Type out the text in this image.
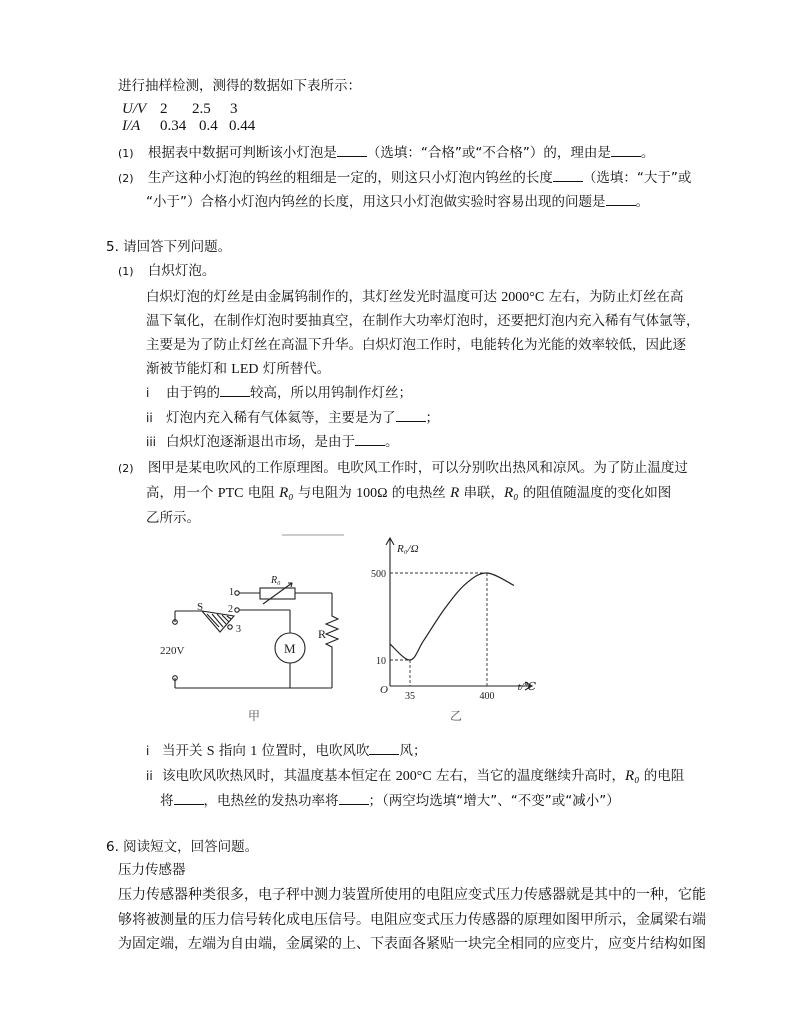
进行抽样检测，测得的数据如下表所示：
U/V 2 2.5 3
I/A 0.34 0.4 0.44
(1) 根据表中数据可判断该小灯泡是 （选填：“合格”或“不合格”）的，理由是 。
(2) 生产这种小灯泡的钨丝的粗细是一定的，则这只小灯泡内钨丝的长度 （选填：“大于”或
“小于”）合格小灯泡内钨丝的长度，用这只小灯泡做实验时容易出现的问题是 。
5. 请回答下列问题。
(1) 白炽灯泡。
白炽灯泡的灯丝是由金属钨制作的，其灯丝发光时温度可达 2000°C 左右，为防止灯丝在高
温下氧化，在制作灯泡时要抽真空，在制作大功率灯泡时，还要把灯泡内充入稀有气体氩等，
主要是为了防止灯丝在高温下升华。白炽灯泡工作时，电能转化为光能的效率较低，因此逐
渐被节能灯和 LED 灯所替代。
i 由于钨的 较高，所以用钨制作灯丝；
ii 灯泡内充入稀有气体氦等，主要是为了 ；
iii 白炽灯泡逐渐退出市场，是由于 。
(2) 图甲是某电吹风的工作原理图。电吹风工作时，可以分别吹出热风和凉风。为了防止温度过
高，用一个 PTC 电阻 R₀ 与电阻为 100Ω 的电热丝 R 串联，R₀ 的阻值随温度的变化如图
乙所示。
1
2
3
S
220V	M
R
R₀
甲
R₀/Ω
t/℃
O
10
500
35	400
乙
i 当开关 S 指向 1 位置时，电吹风吹 风；
ii 该电吹风吹热风时，其温度基本恒定在 200°C 左右，当它的温度继续升高时，R₀ 的电阻
将 ，电热丝的发热功率将 ；（两空均选填“增大”、“不变”或“减小”）
6. 阅读短文，回答问题。
压力传感器
压力传感器种类很多，电子秤中测力装置所使用的电阻应变式压力传感器就是其中的一种，它能
够将被测量的压力信号转化成电压信号。电阻应变式压力传感器的原理如图甲所示，金属梁右端
为固定端，左端为自由端，金属梁的上、下表面各紧贴一块完全相同的应变片，应变片结构如图
